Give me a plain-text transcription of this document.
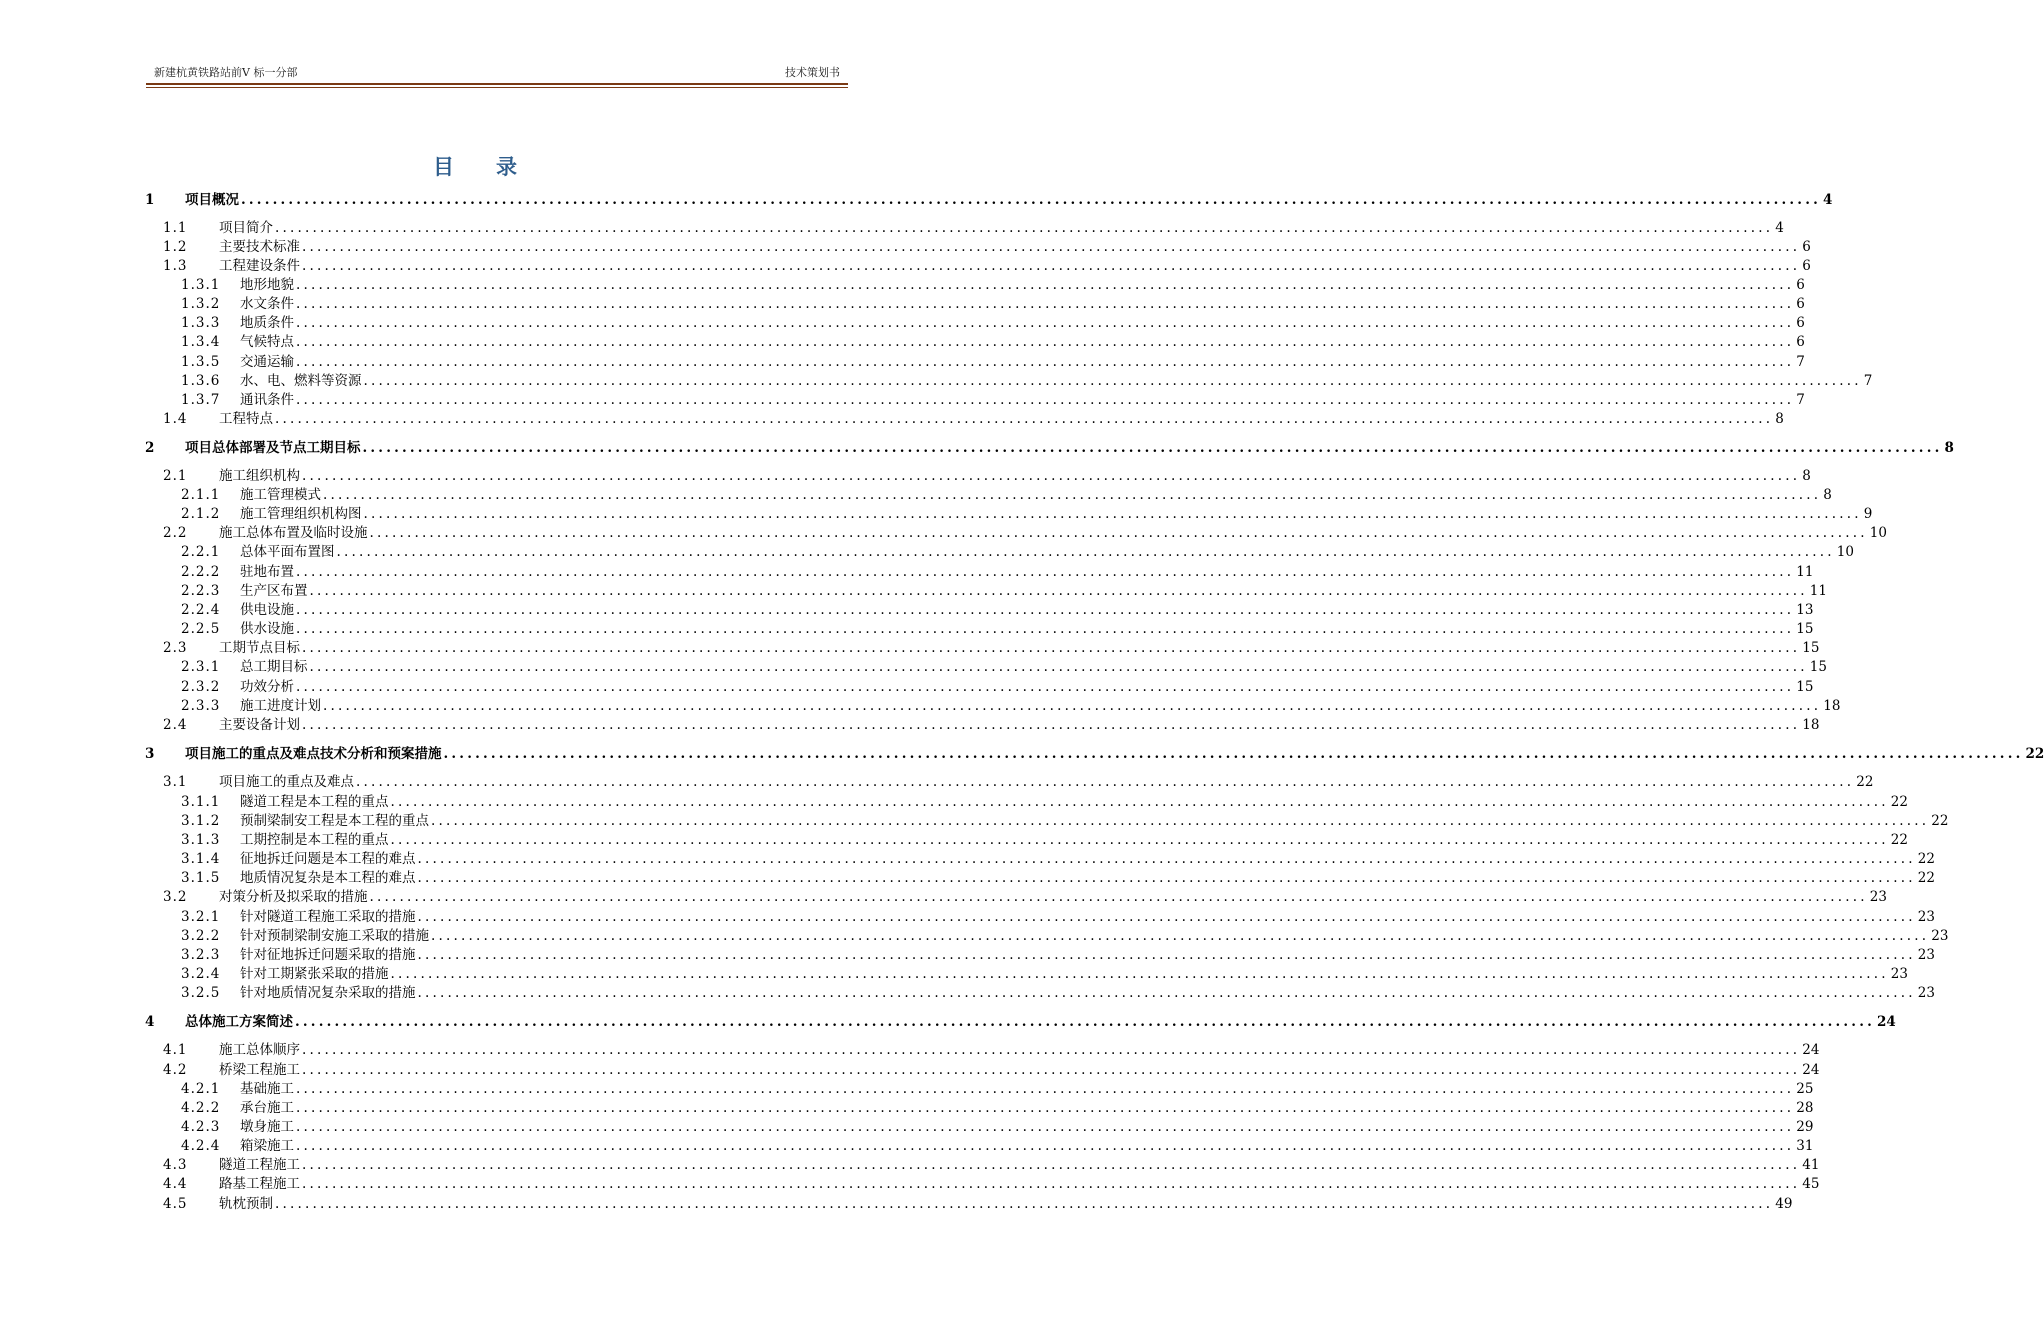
新建杭黄铁路站前Ⅴ 标一分部	技术策划书
目 录
1	项目概况 ........................................................................................................................................................................................................ 4
1.1	项目简介 ........................................................................................................................................................................................................ 4
1.2	主要技术标准 ........................................................................................................................................................................................................ 6
1.3	工程建设条件 ........................................................................................................................................................................................................ 6
1.3.1	地形地貌 ........................................................................................................................................................................................................ 6
1.3.2	水文条件 ........................................................................................................................................................................................................ 6
1.3.3	地质条件 ........................................................................................................................................................................................................ 6
1.3.4	气候特点 ........................................................................................................................................................................................................ 6
1.3.5	交通运输 ........................................................................................................................................................................................................ 7
1.3.6	水、电、燃料等资源 ........................................................................................................................................................................................................ 7
1.3.7	通讯条件 ........................................................................................................................................................................................................ 7
1.4	工程特点 ........................................................................................................................................................................................................ 8
2	项目总体部署及节点工期目标 ........................................................................................................................................................................................................ 8
2.1	施工组织机构 ........................................................................................................................................................................................................ 8
2.1.1	施工管理模式 ........................................................................................................................................................................................................ 8
2.1.2	施工管理组织机构图 ........................................................................................................................................................................................................ 9
2.2	施工总体布置及临时设施 ........................................................................................................................................................................................................ 10
2.2.1	总体平面布置图 ........................................................................................................................................................................................................ 10
2.2.2	驻地布置 ........................................................................................................................................................................................................ 11
2.2.3	生产区布置 ........................................................................................................................................................................................................ 11
2.2.4	供电设施 ........................................................................................................................................................................................................ 13
2.2.5	供水设施 ........................................................................................................................................................................................................ 15
2.3	工期节点目标 ........................................................................................................................................................................................................ 15
2.3.1	总工期目标 ........................................................................................................................................................................................................ 15
2.3.2	功效分析 ........................................................................................................................................................................................................ 15
2.3.3	施工进度计划 ........................................................................................................................................................................................................ 18
2.4	主要设备计划 ........................................................................................................................................................................................................ 18
3	项目施工的重点及难点技术分析和预案措施 ........................................................................................................................................................................................................ 22
3.1	项目施工的重点及难点 ........................................................................................................................................................................................................ 22
3.1.1	隧道工程是本工程的重点 ........................................................................................................................................................................................................ 22
3.1.2	预制梁制安工程是本工程的重点 ........................................................................................................................................................................................................ 22
3.1.3	工期控制是本工程的重点 ........................................................................................................................................................................................................ 22
3.1.4	征地拆迁问题是本工程的难点 ........................................................................................................................................................................................................ 22
3.1.5	地质情况复杂是本工程的难点 ........................................................................................................................................................................................................ 22
3.2	对策分析及拟采取的措施 ........................................................................................................................................................................................................ 23
3.2.1	针对隧道工程施工采取的措施 ........................................................................................................................................................................................................ 23
3.2.2	针对预制梁制安施工采取的措施 ........................................................................................................................................................................................................ 23
3.2.3	针对征地拆迁问题采取的措施 ........................................................................................................................................................................................................ 23
3.2.4	针对工期紧张采取的措施 ........................................................................................................................................................................................................ 23
3.2.5	针对地质情况复杂采取的措施 ........................................................................................................................................................................................................ 23
4	总体施工方案简述 ........................................................................................................................................................................................................ 24
4.1	施工总体顺序 ........................................................................................................................................................................................................ 24
4.2	桥梁工程施工 ........................................................................................................................................................................................................ 24
4.2.1	基础施工 ........................................................................................................................................................................................................ 25
4.2.2	承台施工 ........................................................................................................................................................................................................ 28
4.2.3	墩身施工 ........................................................................................................................................................................................................ 29
4.2.4	箱梁施工 ........................................................................................................................................................................................................ 31
4.3	隧道工程施工 ........................................................................................................................................................................................................ 41
4.4	路基工程施工 ........................................................................................................................................................................................................ 45
4.5	轨枕预制 ........................................................................................................................................................................................................ 49
